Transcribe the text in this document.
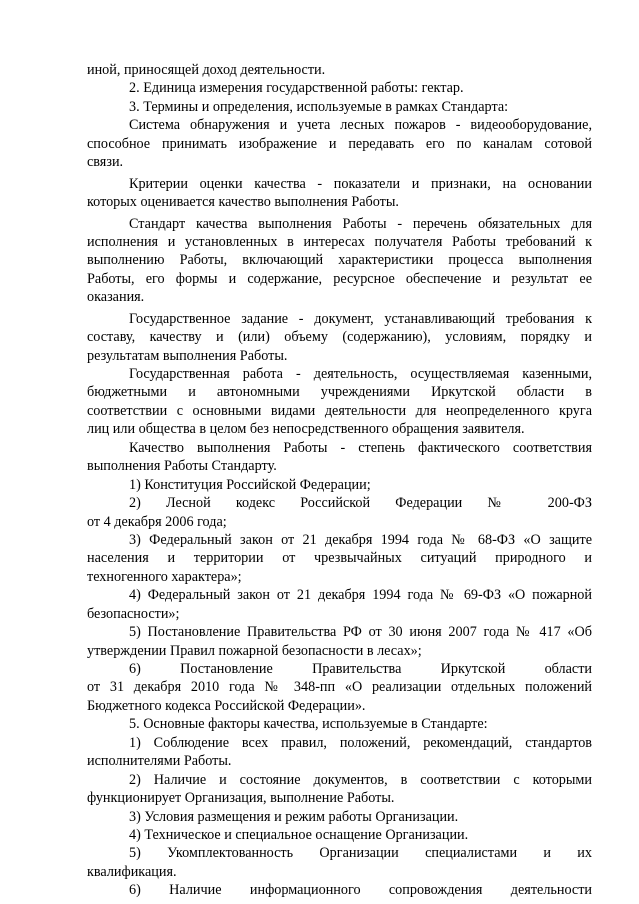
иной, приносящей доход деятельности.
2. Единица измерения государственной работы: гектар.
3. Термины и определения, используемые в рамках Стандарта:
Система обнаружения и учета лесных пожаров - видеооборудование,
способное принимать изображение и передавать его по каналам сотовой
связи.
Критерии оценки качества - показатели и признаки, на основании
которых оценивается качество выполнения Работы.
Стандарт качества выполнения Работы - перечень обязательных для
исполнения и установленных в интересах получателя Работы требований к
выполнению Работы, включающий характеристики процесса выполнения
Работы, его формы и содержание, ресурсное обеспечение и результат ее
оказания.
Государственное задание - документ, устанавливающий требования к
составу, качеству и (или) объему (содержанию), условиям, порядку и
результатам выполнения Работы.
Государственная работа - деятельность, осуществляемая казенными,
бюджетными и автономными учреждениями Иркутской области в
соответствии с основными видами деятельности для неопределенного круга
лиц или общества в целом без непосредственного обращения заявителя.
Качество выполнения Работы - степень фактического соответствия
выполнения Работы Стандарту.
1) Конституция Российской Федерации;
2) Лесной кодекс Российской Федерации № 200-ФЗ
от 4 декабря 2006 года;
3) Федеральный закон от 21 декабря 1994 года № 68-ФЗ «О защите
населения и территории от чрезвычайных ситуаций природного и
техногенного характера»;
4) Федеральный закон от 21 декабря 1994 года № 69-ФЗ «О пожарной
безопасности»;
5) Постановление Правительства РФ от 30 июня 2007 года № 417 «Об
утверждении Правил пожарной безопасности в лесах»;
6) Постановление Правительства Иркутской области
от 31 декабря 2010 года № 348-пп «О реализации отдельных положений
Бюджетного кодекса Российской Федерации».
5. Основные факторы качества, используемые в Стандарте:
1) Соблюдение всех правил, положений, рекомендаций, стандартов
исполнителями Работы.
2) Наличие и состояние документов, в соответствии с которыми
функционирует Организация, выполнение Работы.
3) Условия размещения и режим работы Организации.
4) Техническое и специальное оснащение Организации.
5) Укомплектованность Организации специалистами и их
квалификация.
6) Наличие информационного сопровождения деятельности
